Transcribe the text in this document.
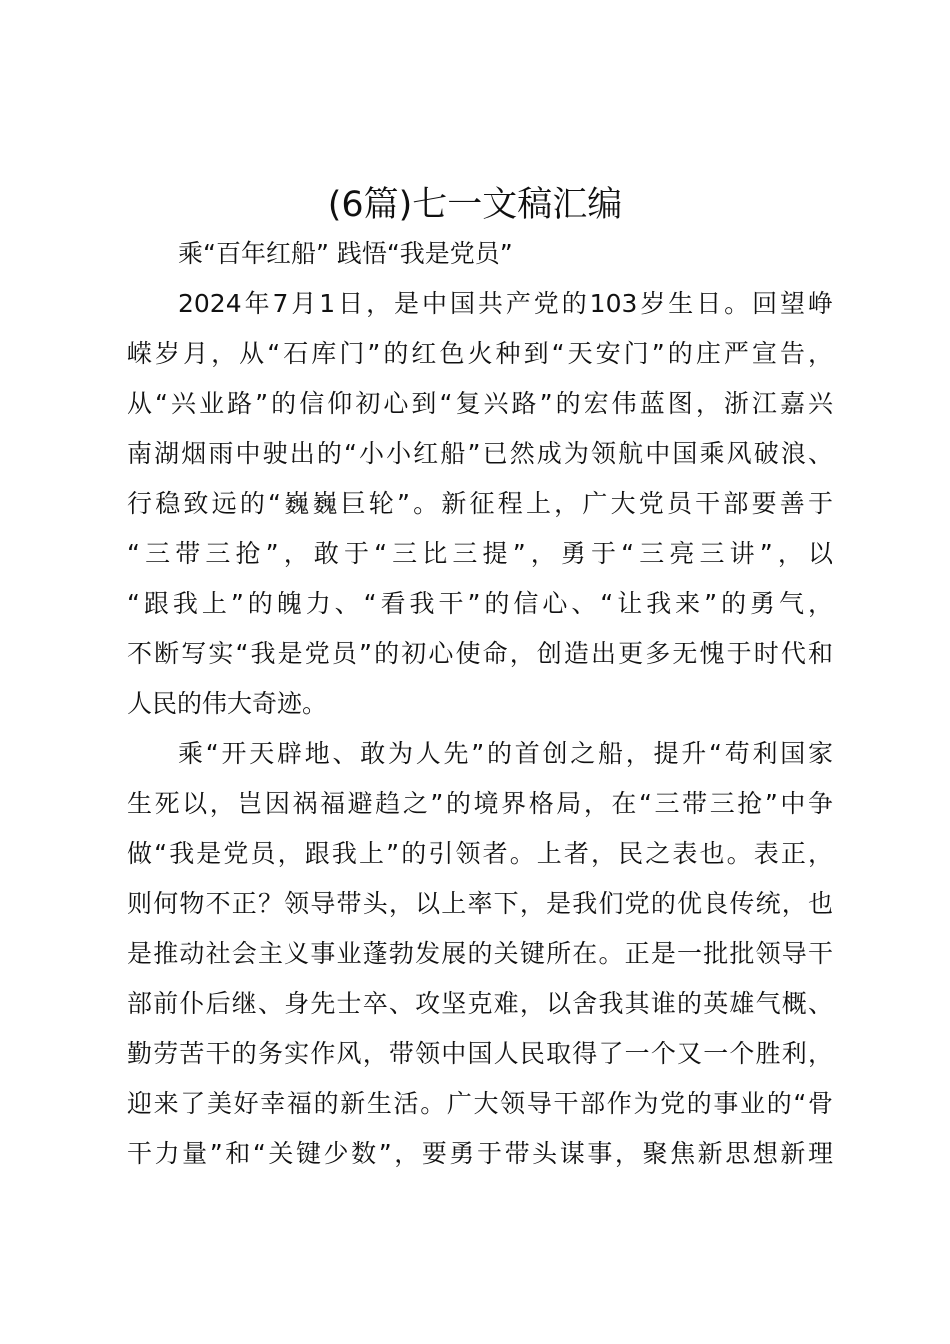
(6篇)七一文稿汇编
乘“百年红船” 践悟“我是党员”
2024年7月1日，是中国共产党的103岁生日。回望峥
嵘岁月，从“石库门”的红色火种到“天安门”的庄严宣告，
从“兴业路”的信仰初心到“复兴路”的宏伟蓝图，浙江嘉兴
南湖烟雨中驶出的“小小红船”已然成为领航中国乘风破浪、
行稳致远的“巍巍巨轮”。新征程上，广大党员干部要善于
“三带三抢”，敢于“三比三提”，勇于“三亮三讲”，以
“跟我上”的魄力、“看我干”的信心、“让我来”的勇气，
不断写实“我是党员”的初心使命，创造出更多无愧于时代和
人民的伟大奇迹。
乘“开天辟地、敢为人先”的首创之船，提升“苟利国家
生死以，岂因祸福避趋之”的境界格局，在“三带三抢”中争
做“我是党员，跟我上”的引领者。上者，民之表也。表正，
则何物不正？领导带头，以上率下，是我们党的优良传统，也
是推动社会主义事业蓬勃发展的关键所在。正是一批批领导干
部前仆后继、身先士卒、攻坚克难，以舍我其谁的英雄气概、
勤劳苦干的务实作风，带领中国人民取得了一个又一个胜利，
迎来了美好幸福的新生活。广大领导干部作为党的事业的“骨
干力量”和“关键少数”，要勇于带头谋事，聚焦新思想新理
